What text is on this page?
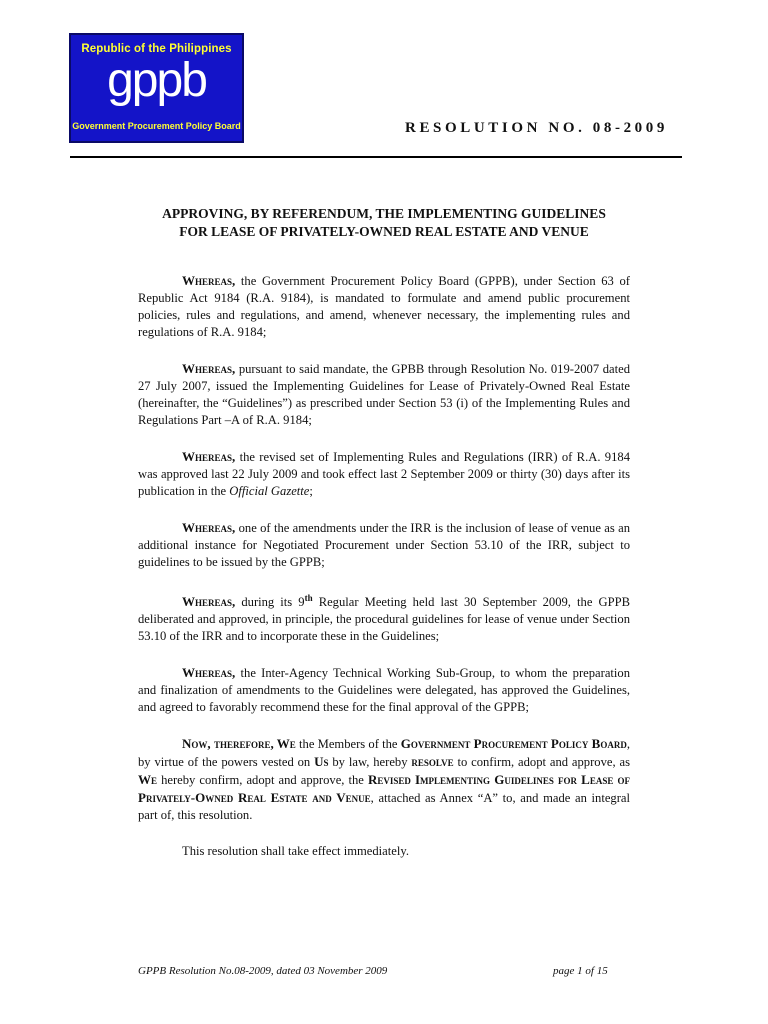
Republic of the Philippines
gppb
Government Procurement Policy Board	RESOLUTION NO. 08-2009
APPROVING, BY REFERENDUM, THE IMPLEMENTING GUIDELINES
FOR LEASE OF PRIVATELY-OWNED REAL ESTATE AND VENUE

Whereas, the Government Procurement Policy Board (GPPB), under Section 63 of Republic Act 9184 (R.A. 9184), is mandated to formulate and amend public procurement policies, rules and regulations, and amend, whenever necessary, the implementing rules and regulations of R.A. 9184;

Whereas, pursuant to said mandate, the GPBB through Resolution No. 019-2007 dated 27 July 2007, issued the Implementing Guidelines for Lease of Privately-Owned Real Estate (hereinafter, the “Guidelines”) as prescribed under Section 53 (i) of the Implementing Rules and Regulations Part –A of R.A. 9184;

Whereas, the revised set of Implementing Rules and Regulations (IRR) of R.A. 9184 was approved last 22 July 2009 and took effect last 2 September 2009 or thirty (30) days after its publication in the Official Gazette;

Whereas, one of the amendments under the IRR is the inclusion of lease of venue as an additional instance for Negotiated Procurement under Section 53.10 of the IRR, subject to guidelines to be issued by the GPPB;

Whereas, during its 9th Regular Meeting held last 30 September 2009, the GPPB deliberated and approved, in principle, the procedural guidelines for lease of venue under Section 53.10 of the IRR and to incorporate these in the Guidelines;

Whereas, the Inter-Agency Technical Working Sub-Group, to whom the preparation and finalization of amendments to the Guidelines were delegated, has approved the Guidelines, and agreed to favorably recommend these for the final approval of the GPPB;

Now, therefore, We the Members of the Government Procurement Policy Board, by virtue of the powers vested on Us by law, hereby resolve to confirm, adopt and approve, as We hereby confirm, adopt and approve, the Revised Implementing Guidelines for Lease of Privately-Owned Real Estate and Venue, attached as Annex “A” to, and made an integral part of, this resolution.

This resolution shall take effect immediately.

GPPB Resolution No.08-2009, dated 03 November 2009	page 1 of 15
